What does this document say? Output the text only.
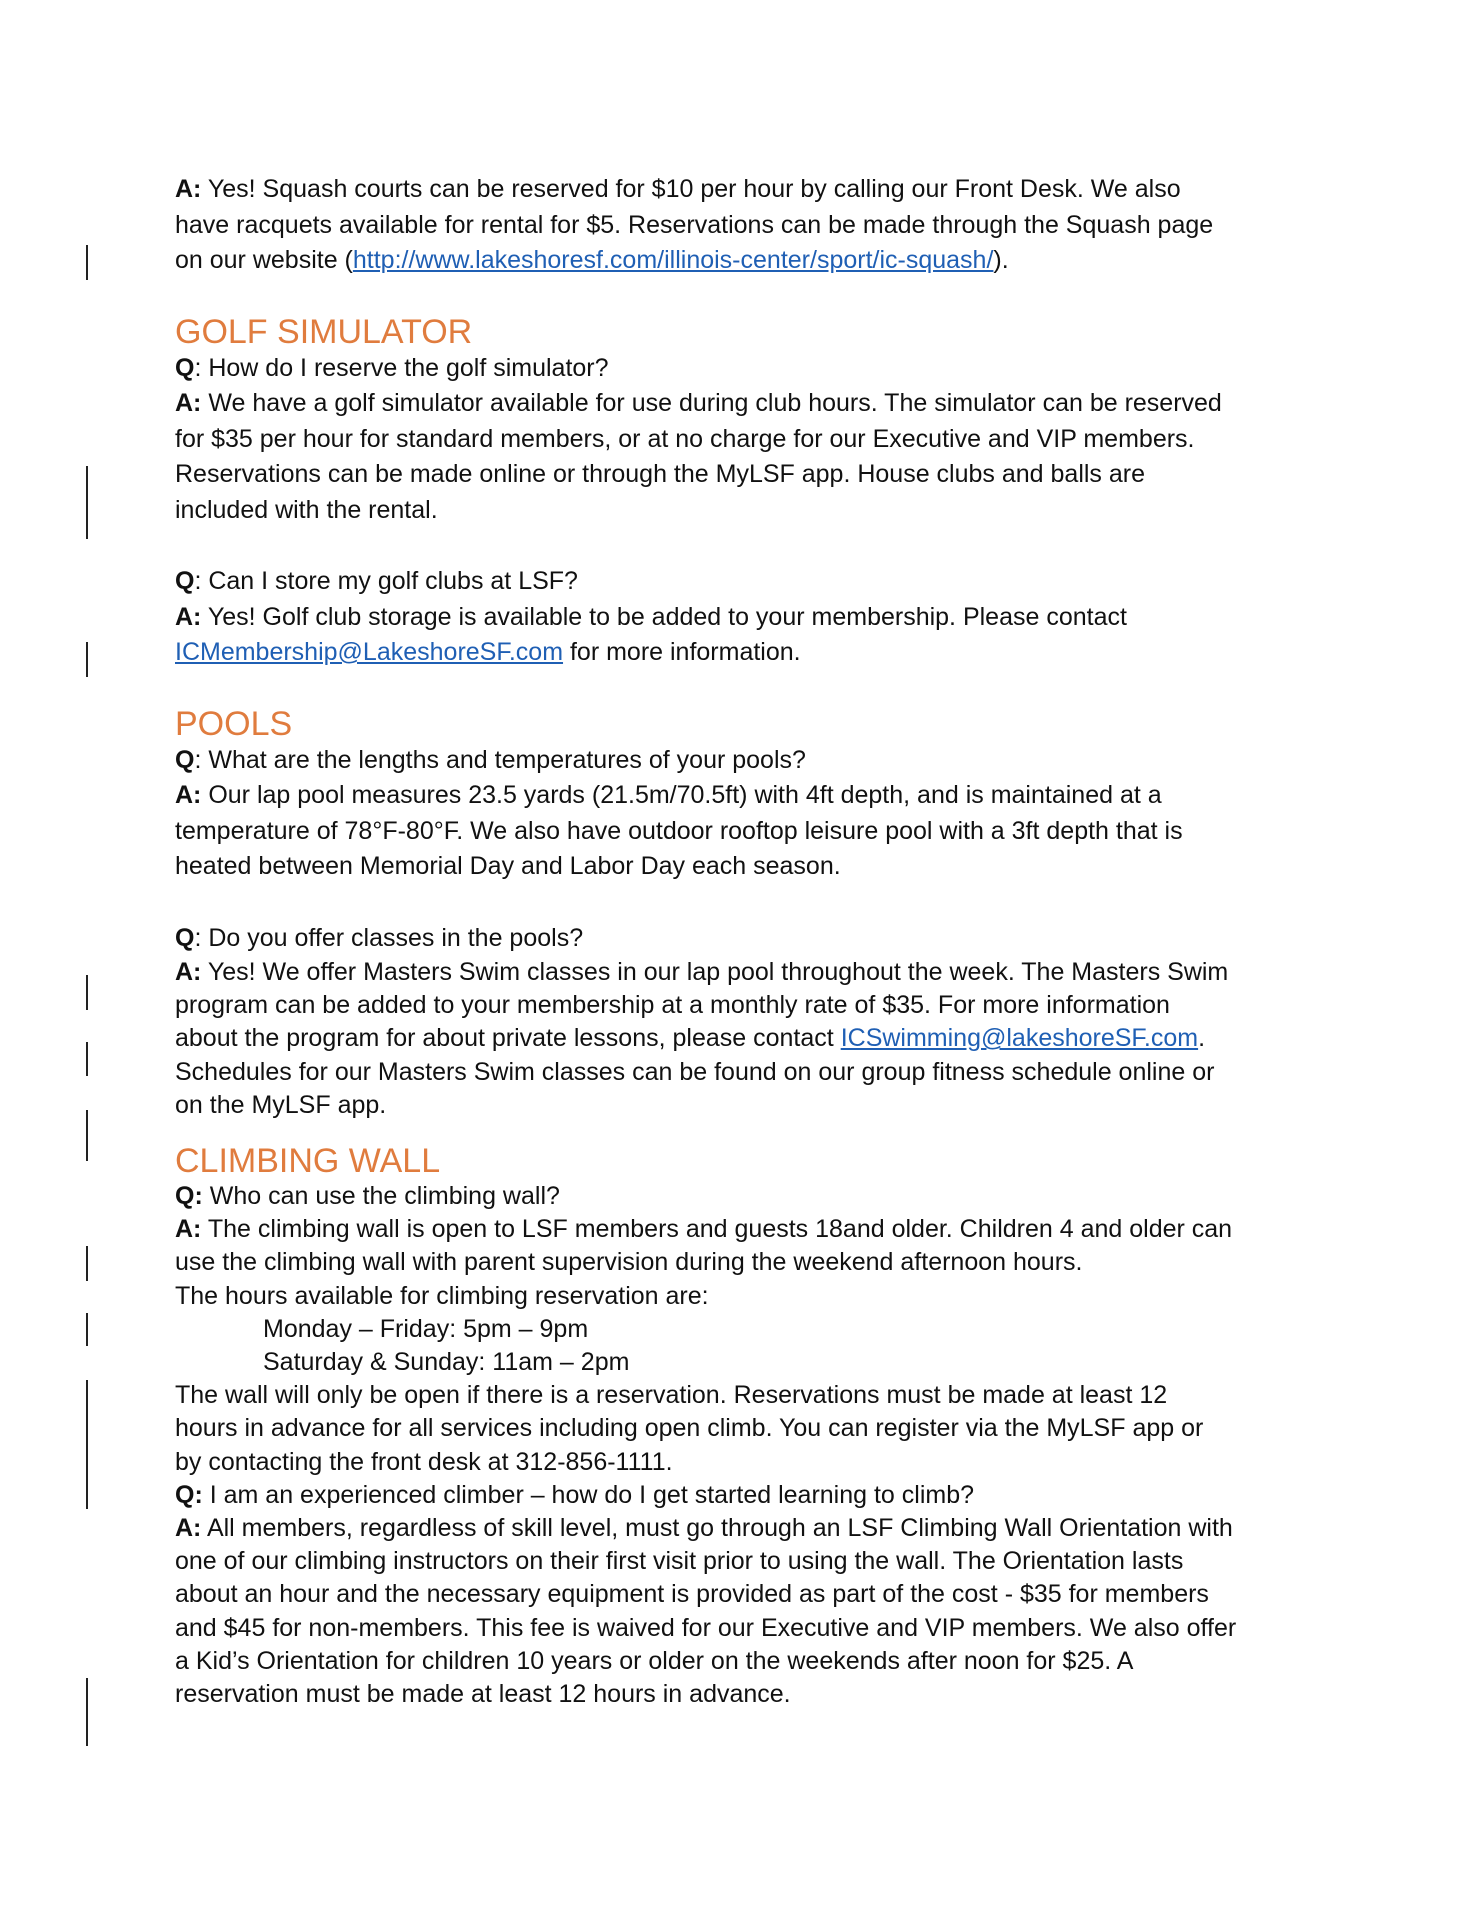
A: Yes! Squash courts can be reserved for $10 per hour by calling our Front Desk. We also

have racquets available for rental for $5. Reservations can be made through the Squash page

on our website (http://www.lakeshoresf.com/illinois-center/sport/ic-squash/).

GOLF SIMULATOR

Q: How do I reserve the golf simulator?

A: We have a golf simulator available for use during club hours. The simulator can be reserved

for $35 per hour for standard members, or at no charge for our Executive and VIP members.

Reservations can be made online or through the MyLSF app. House clubs and balls are

included with the rental.

Q: Can I store my golf clubs at LSF?

A: Yes! Golf club storage is available to be added to your membership. Please contact

ICMembership@LakeshoreSF.com for more information.

POOLS

Q: What are the lengths and temperatures of your pools?

A: Our lap pool measures 23.5 yards (21.5m/70.5ft) with 4ft depth, and is maintained at a

temperature of 78°F-80°F. We also have outdoor rooftop leisure pool with a 3ft depth that is

heated between Memorial Day and Labor Day each season.

Q: Do you offer classes in the pools?

A: Yes! We offer Masters Swim classes in our lap pool throughout the week. The Masters Swim

program can be added to your membership at a monthly rate of $35. For more information

about the program for about private lessons, please contact ICSwimming@lakeshoreSF.com.

Schedules for our Masters Swim classes can be found on our group fitness schedule online or

on the MyLSF app.

CLIMBING WALL

Q: Who can use the climbing wall?

A: The climbing wall is open to LSF members and guests 18and older. Children 4 and older can

use the climbing wall with parent supervision during the weekend afternoon hours.

The hours available for climbing reservation are:

Monday – Friday: 5pm – 9pm

Saturday & Sunday: 11am – 2pm

The wall will only be open if there is a reservation. Reservations must be made at least 12

hours in advance for all services including open climb. You can register via the MyLSF app or

by contacting the front desk at 312-856-1111.

Q: I am an experienced climber – how do I get started learning to climb?

A: All members, regardless of skill level, must go through an LSF Climbing Wall Orientation with

one of our climbing instructors on their first visit prior to using the wall. The Orientation lasts

about an hour and the necessary equipment is provided as part of the cost - $35 for members

and $45 for non-members. This fee is waived for our Executive and VIP members. We also offer

a Kid’s Orientation for children 10 years or older on the weekends after noon for $25. A

reservation must be made at least 12 hours in advance.
